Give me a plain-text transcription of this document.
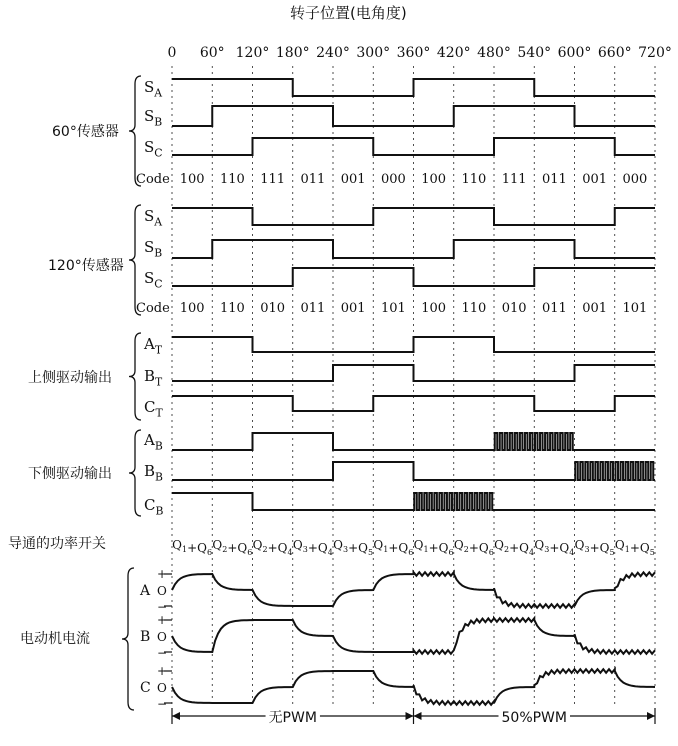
转子位置(电角度)
0 60° 120° 180° 240° 300° 360° 420° 480° 540° 600° 660° 720°
$S_A$
$S_B$
$S_C$
Code 100 110 111 011 001 000 100 110 111 011 001 000
60°传感器
$S_A$
$S_B$
$S_C$
Code 100 110 010 011 001 101 100 110 010 011 001 101
120°传感器
$A_T$
$B_T$
$C_T$
上侧驱动输出
$A_B$
$B_B$
$C_B$
下侧驱动输出
导通的功率开关	$Q_1+Q_6$
$Q_2+Q_6$
$Q_2+Q_4$
$Q_3+Q_4$
$Q_3+Q_5$
$Q_1+Q_6$
$Q_1+Q_6$
$Q_2+Q_6$
$Q_2+Q_4$
$Q_3+Q_4$
$Q_3+Q_5$
$Q_1+Q_5$
电动机电流
A
+
O
−
B
+
O
−
C
+
O
−
无PWM	50%PWM
